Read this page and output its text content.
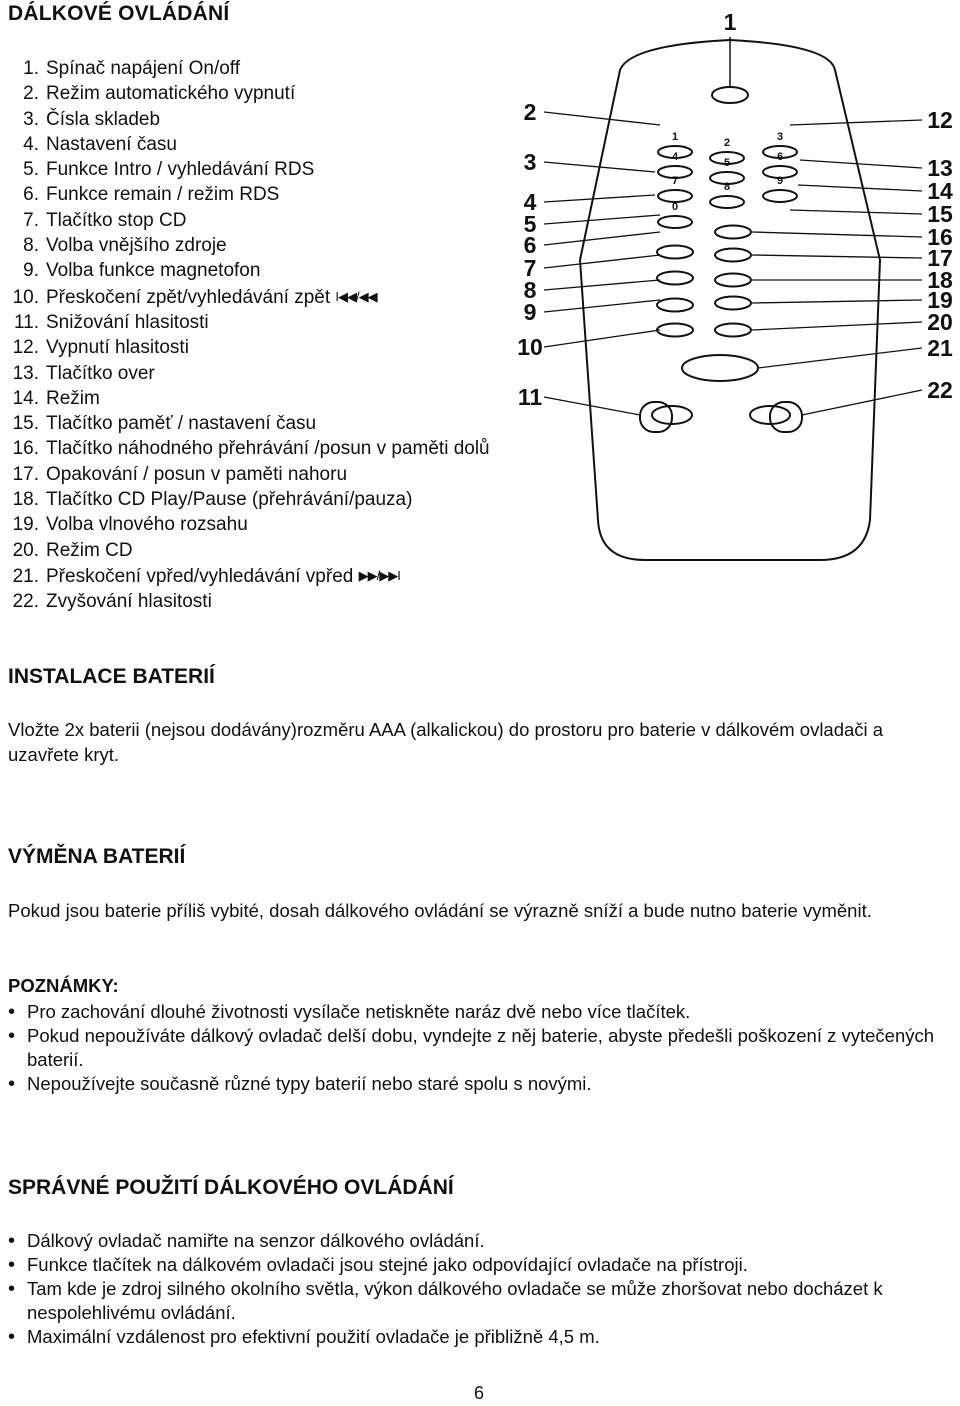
DÁLKOVÉ OVLÁDÁNÍ
1. Spínač napájení On/off
2. Režim automatického vypnutí
3. Čísla skladeb
4. Nastavení času
5. Funkce Intro / vyhledávání RDS
6. Funkce remain / režim RDS
7. Tlačítko stop CD
8. Volba vnějšího zdroje
9. Volba funkce magnetofon
10. Přeskočení zpět/vyhledávání zpět I◀◀/◀◀
11. Snižování hlasitosti
12. Vypnutí hlasitosti
13. Tlačítko over
14. Režim
15. Tlačítko paměť / nastavení času
16. Tlačítko náhodného přehrávání /posun v paměti dolů
17. Opakování / posun v paměti nahoru
18. Tlačítko CD Play/Pause (přehrávání/pauza)
19. Volba vlnového rozsahu
20. Režim CD
21. Přeskočení vpřed/vyhledávání vpřed ▶▶/▶▶I
22. Zvyšování hlasitosti
1
1	2	3
4	5	6
7	8	9
0
2
3
4
5
6
7
8
9
10
11
12
13
14
15
16
17
18
19
20
21
22
INSTALACE BATERIÍ

Vložte 2x baterii (nejsou dodávány)rozměru AAA (alkalickou) do prostoru pro baterie v dálkovém ovladači a uzavřete kryt.

VÝMĚNA BATERIÍ

Pokud jsou baterie příliš vybité, dosah dálkového ovládání se výrazně sníží a bude nutno baterie vyměnit.

POZNÁMKY:
• Pro zachování dlouhé životnosti vysílače netiskněte naráz dvě nebo více tlačítek.
• Pokud nepoužíváte dálkový ovladač delší dobu, vyndejte z něj baterie, abyste předešli poškození z vytečených baterií.
• Nepoužívejte současně různé typy baterií nebo staré spolu s novými.
SPRÁVNÉ POUŽITÍ DÁLKOVÉHO OVLÁDÁNÍ
• Dálkový ovladač namiřte na senzor dálkového ovládání.
• Funkce tlačítek na dálkovém ovladači jsou stejné jako odpovídající ovladače na přístroji.
• Tam kde je zdroj silného okolního světla, výkon dálkového ovladače se může zhoršovat nebo docházet k nespolehlivému ovládání.
• Maximální vzdálenost pro efektivní použití ovladače je přibližně 4,5 m.
6
